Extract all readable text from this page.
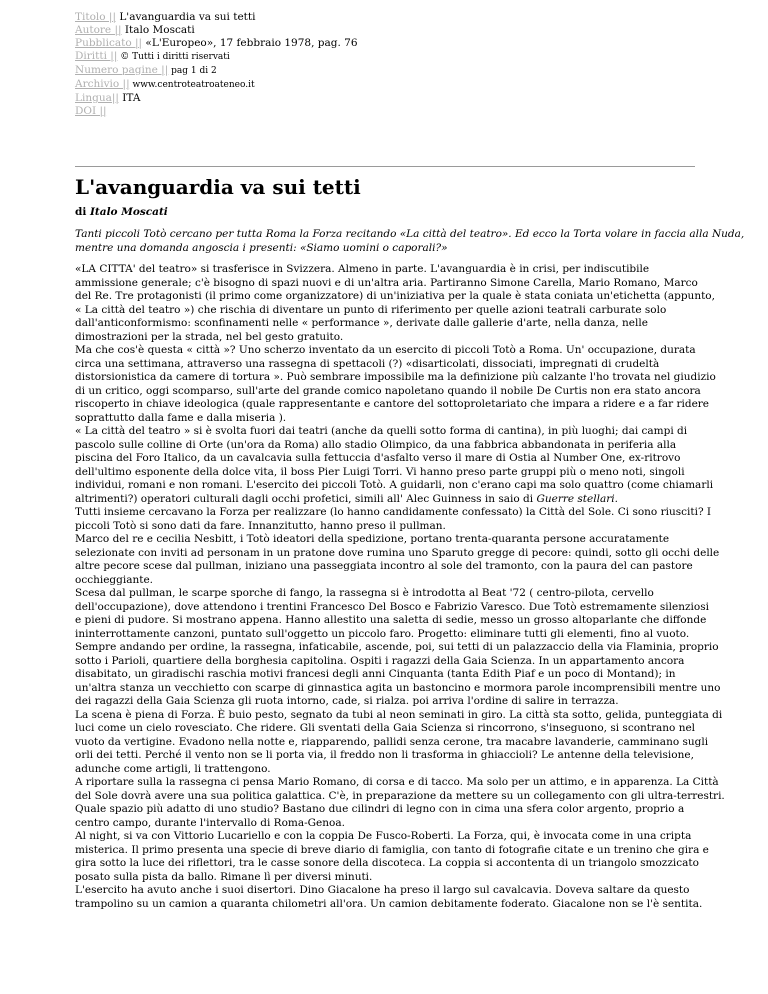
Titolo || L'avanguardia va sui tetti
Autore || Italo Moscati
Pubblicato || «L'Europeo», 17 febbraio 1978, pag. 76
Diritti || © Tutti i diritti riservati
Numero pagine || pag 1 di 2
Archivio || www.centroteatroateneo.it
Lingua|| ITA
DOI ||
L'avanguardia va sui tetti
di Italo Moscati
Tanti piccoli Totò cercano per tutta Roma la Forza recitando «La città del teatro». Ed ecco la Torta volare in faccia alla Nuda,
mentre una domanda angoscia i presenti: «Siamo uomini o caporali?»
«LA CITTA' del teatro» si trasferisce in Svizzera. Almeno in parte. L'avanguardia è in crisi, per indiscutibile
ammissione generale; c'è bisogno di spazi nuovi e di un'altra aria. Partiranno Simone Carella, Mario Romano, Marco
del Re. Tre protagonisti (il primo come organizzatore) di un'iniziativa per la quale è stata coniata un'etichetta (appunto,
« La città del teatro ») che rischia di diventare un punto di riferimento per quelle azioni teatrali carburate solo
dall'anticonformismo: sconfinamenti nelle « performance », derivate dalle gallerie d'arte, nella danza, nelle
dimostrazioni per la strada, nel bel gesto gratuito.
Ma che cos'è questa « città »? Uno scherzo inventato da un esercito di piccoli Totò a Roma. Un' occupazione, durata
circa una settimana, attraverso una rassegna di spettacoli (?) «disarticolati, dissociati, impregnati di crudeltà
distorsionistica da camere di tortura ». Può sembrare impossibile ma la definizione più calzante l'ho trovata nel giudizio
di un critico, oggi scomparso, sull'arte del grande comico napoletano quando il nobile De Curtis non era stato ancora
riscoperto in chiave ideologica (quale rappresentante e cantore del sottoproletariato che impara a ridere e a far ridere
soprattutto dalla fame e dalla miseria ).
« La città del teatro » si è svolta fuori dai teatri (anche da quelli sotto forma di cantina), in più luoghi; dai campi di
pascolo sulle colline di Orte (un'ora da Roma) allo stadio Olimpico, da una fabbrica abbandonata in periferia alla
piscina del Foro Italico, da un cavalcavia sulla fettuccia d'asfalto verso il mare di Ostia al Number One, ex-ritrovo
dell'ultimo esponente della dolce vita, il boss Pier Luigi Torri. Vi hanno preso parte gruppi più o meno noti, singoli
individui, romani e non romani. L'esercito dei piccoli Totò. A guidarli, non c'erano capi ma solo quattro (come chiamarli
altrimenti?) operatori culturali dagli occhi profetici, simili all' Alec Guinness in saio di Guerre stellari.
Tutti insieme cercavano la Forza per realizzare (lo hanno candidamente confessato) la Città del Sole. Ci sono riusciti? I
piccoli Totò si sono dati da fare. Innanzitutto, hanno preso il pullman.
Marco del re e cecilia Nesbitt, i Totò ideatori della spedizione, portano trenta-quaranta persone accuratamente
selezionate con inviti ad personam in un pratone dove rumina uno Sparuto gregge di pecore: quindi, sotto gli occhi delle
altre pecore scese dal pullman, iniziano una passeggiata incontro al sole del tramonto, con la paura del can pastore
occhieggiante.
Scesa dal pullman, le scarpe sporche di fango, la rassegna si è introdotta al Beat '72 ( centro-pilota, cervello
dell'occupazione), dove attendono i trentini Francesco Del Bosco e Fabrizio Varesco. Due Totò estremamente silenziosi
e pieni di pudore. Si mostrano appena. Hanno allestito una saletta di sedie, messo un grosso altoparlante che diffonde
ininterrottamente canzoni, puntato sull'oggetto un piccolo faro. Progetto: eliminare tutti gli elementi, fino al vuoto.
Sempre andando per ordine, la rassegna, infaticabile, ascende, poi, sui tetti di un palazzaccio della via Flaminia, proprio
sotto i Parioli, quartiere della borghesia capitolina. Ospiti i ragazzi della Gaia Scienza. In un appartamento ancora
disabitato, un giradischi raschia motivi francesi degli anni Cinquanta (tanta Edith Piaf e un poco di Montand); in
un'altra stanza un vecchietto con scarpe di ginnastica agita un bastoncino e mormora parole incomprensibili mentre uno
dei ragazzi della Gaia Scienza gli ruota intorno, cade, si rialza. poi arriva l'ordine di salire in terrazza.
La scena è piena di Forza. È buio pesto, segnato da tubi al neon seminati in giro. La città sta sotto, gelida, punteggiata di
luci come un cielo rovesciato. Che ridere. Gli sventati della Gaia Scienza si rincorrono, s'inseguono, si scontrano nel
vuoto da vertigine. Evadono nella notte e, riapparendo, pallidi senza cerone, tra macabre lavanderie, camminano sugli
orli dei tetti. Perché il vento non se li porta via, il freddo non li trasforma in ghiaccioli? Le antenne della televisione,
adunche come artigli, li trattengono.
A riportare sulla la rassegna ci pensa Mario Romano, di corsa e di tacco. Ma solo per un attimo, e in apparenza. La Città
del Sole dovrà avere una sua politica galattica. C'è, in preparazione da mettere su un collegamento con gli ultra-terrestri.
Quale spazio più adatto di uno studio? Bastano due cilindri di legno con in cima una sfera color argento, proprio a
centro campo, durante l'intervallo di Roma-Genoa.
Al night, si va con Vittorio Lucariello e con la coppia De Fusco-Roberti. La Forza, qui, è invocata come in una cripta
misterica. Il primo presenta una specie di breve diario di famiglia, con tanto di fotografie citate e un trenino che gira e
gira sotto la luce dei riflettori, tra le casse sonore della discoteca. La coppia si accontenta di un triangolo smozzicato
posato sulla pista da ballo. Rimane lì per diversi minuti.
L'esercito ha avuto anche i suoi disertori. Dino Giacalone ha preso il largo sul cavalcavia. Doveva saltare da questo
trampolino su un camion a quaranta chilometri all'ora. Un camion debitamente foderato. Giacalone non se l'è sentita.
